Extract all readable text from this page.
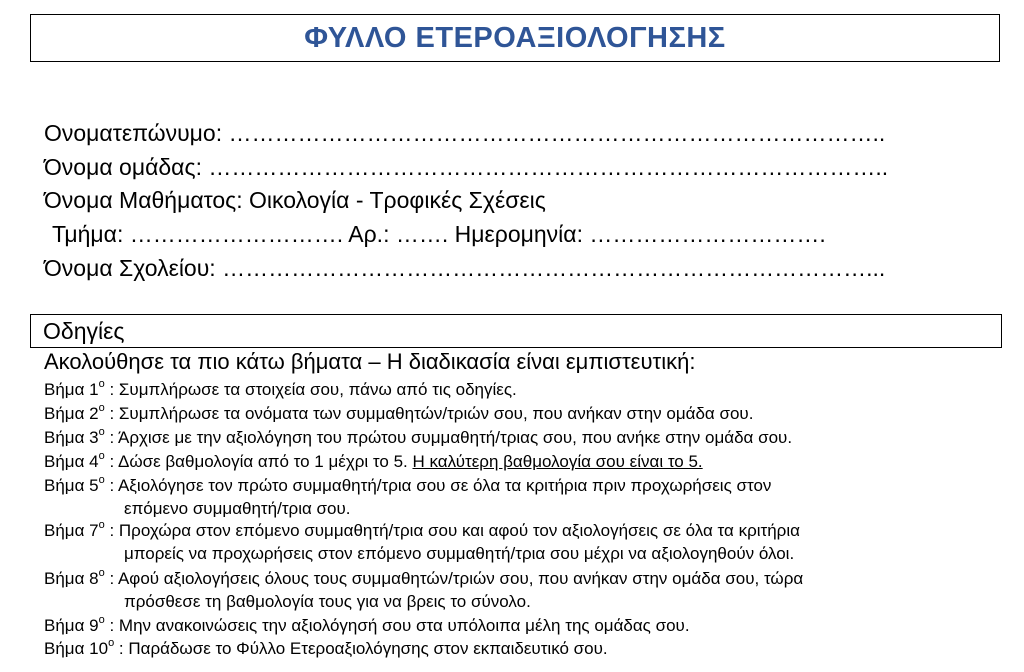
ΦΥΛΛΟ ΕΤΕΡΟΑΞΙΟΛΟΓΗΣΗΣ
Ονοματεπώνυμο: …………………………………………………………………………..
Όνομα ομάδας: ……………………………………………………………………………..
Όνομα Μαθήματος: Οικολογία - Τροφικές Σχέσεις
Τμήμα: ………………………. Αρ.: ……. Ημερομηνία: ………………………….
Όνομα Σχολείου: …………………………………………………………………………...
Οδηγίες
Ακολούθησε τα πιο κάτω βήματα – Η διαδικασία είναι εμπιστευτική:
Βήμα $1^o$ : Συμπλήρωσε τα στοιχεία σου, πάνω από τις οδηγίες.
Βήμα $2^o$ : Συμπλήρωσε τα ονόματα των συμμαθητών/τριών σου, που ανήκαν στην ομάδα σου.
Βήμα $3^o$ : Άρχισε με την αξιολόγηση του πρώτου συμμαθητή/τριας σου, που ανήκε στην ομάδα σου.
Βήμα $4^o$ : Δώσε βαθμολογία από το 1 μέχρι το 5. Η καλύτερη βαθμολογία σου είναι το 5.
Βήμα $5^o$ : Αξιολόγησε τον πρώτο συμμαθητή/τρια σου σε όλα τα κριτήρια πριν προχωρήσεις στον
επόμενο συμμαθητή/τρια σου.
Βήμα $7^o$ : Προχώρα στον επόμενο συμμαθητή/τρια σου και αφού τον αξιολογήσεις σε όλα τα κριτήρια
μπορείς να προχωρήσεις στον επόμενο συμμαθητή/τρια σου μέχρι να αξιολογηθούν όλοι.
Βήμα $8^o$ : Αφού αξιολογήσεις όλους τους συμμαθητών/τριών σου, που ανήκαν στην ομάδα σου, τώρα
πρόσθεσε τη βαθμολογία τους για να βρεις το σύνολο.
Βήμα $9^o$ : Μην ανακοινώσεις την αξιολόγησή σου στα υπόλοιπα μέλη της ομάδας σου.
Βήμα $10^o$ : Παράδωσε το Φύλλο Ετεροαξιολόγησης στον εκπαιδευτικό σου.
